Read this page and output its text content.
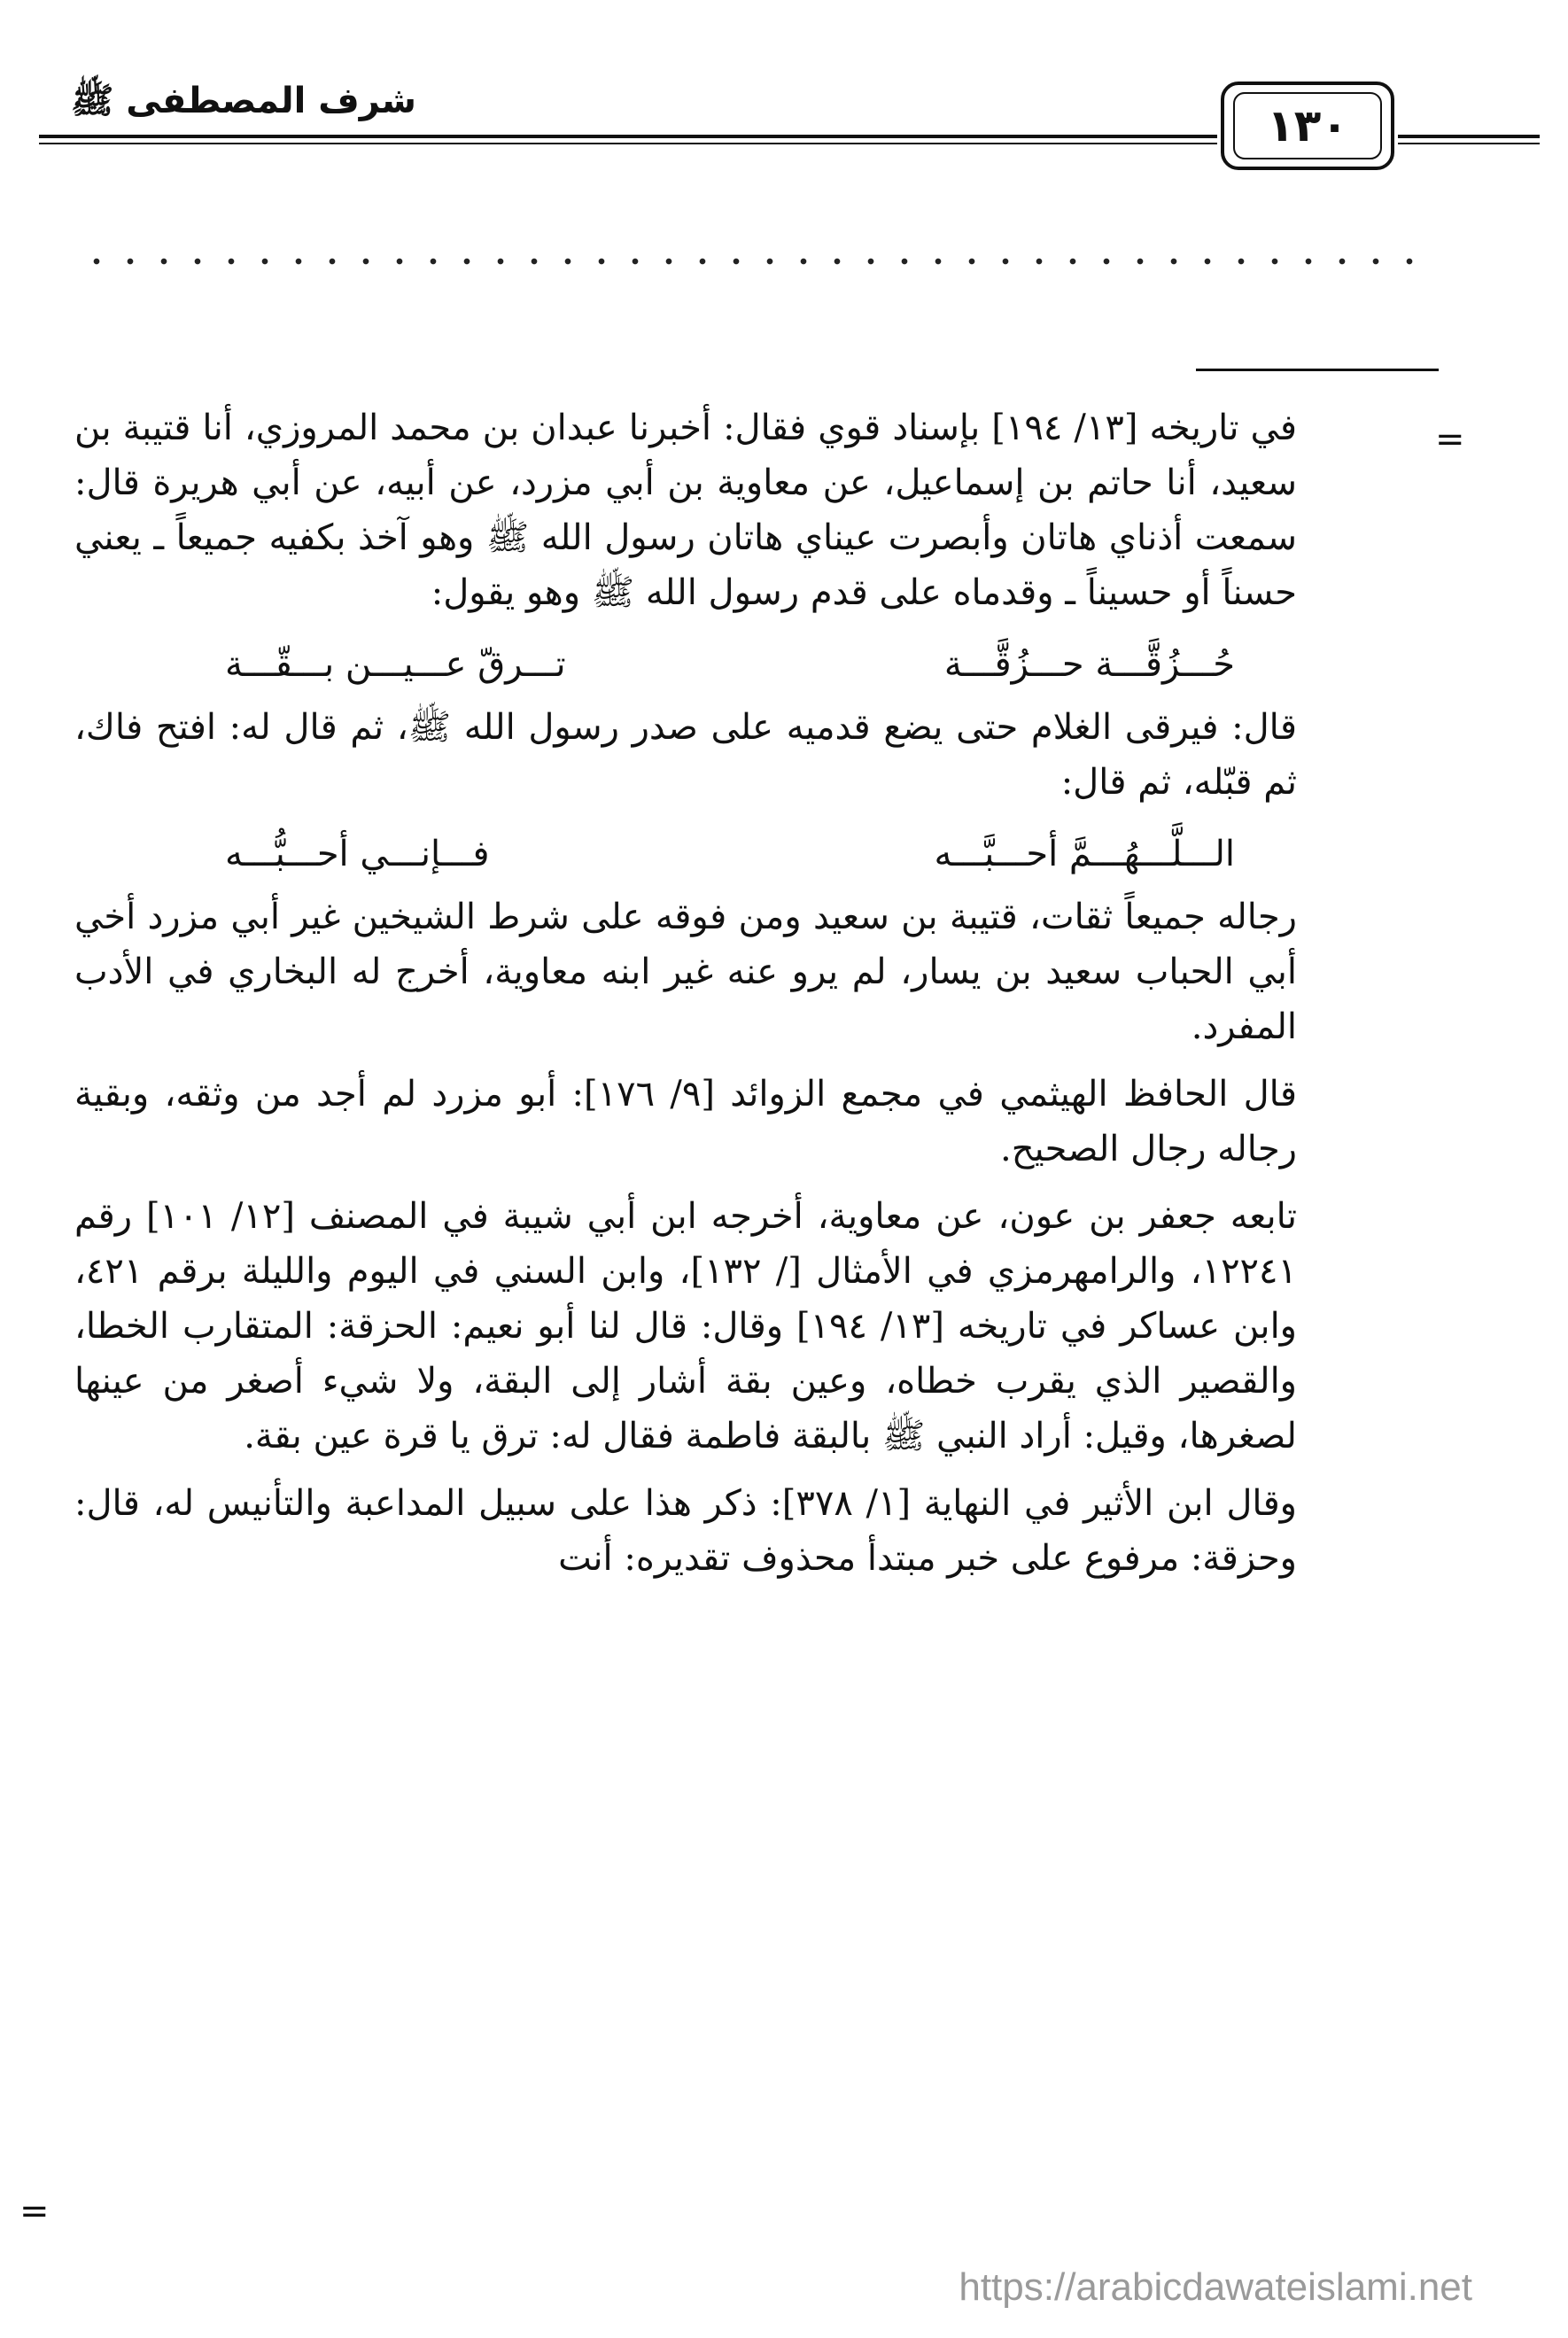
شرف المصطفى ﷺ	١٣٠
=

في تاريخه [١٣/ ١٩٤] بإسناد قوي فقال: أخبرنا عبدان بن محمد المروزي، أنا قتيبة بن سعيد، أنا حاتم بن إسماعيل، عن معاوية بن أبي مزرد، عن أبيه، عن أبي هريرة قال: سمعت أذناي هاتان وأبصرت عيناي هاتان رسول الله ﷺ وهو آخذ بكفيه جميعاً ـ يعني حسناً أو حسيناً ـ وقدماه على قدم رسول الله ﷺ وهو يقول:

حُـــزُقَّـــة حـــزُقَّـــة
تـــرقّ عـــيـــن بـــقّـــة

قال: فيرقى الغلام حتى يضع قدميه على صدر رسول الله ﷺ، ثم قال له: افتح فاك، ثم قبّله، ثم قال:

الـــلَّـــهُـــمَّ أحـــبَّـــه
فـــإنـــي أحـــبُّـــه

رجاله جميعاً ثقات، قتيبة بن سعيد ومن فوقه على شرط الشيخين غير أبي مزرد أخي أبي الحباب سعيد بن يسار، لم يرو عنه غير ابنه معاوية، أخرج له البخاري في الأدب المفرد.

قال الحافظ الهيثمي في مجمع الزوائد [٩/ ١٧٦]: أبو مزرد لم أجد من وثقه، وبقية رجاله رجال الصحيح.

تابعه جعفر بن عون، عن معاوية، أخرجه ابن أبي شيبة في المصنف [١٢/ ١٠١] رقم ١٢٢٤١، والرامهرمزي في الأمثال [/ ١٣٢]، وابن السني في اليوم والليلة برقم ٤٢١، وابن عساكر في تاريخه [١٣/ ١٩٤] وقال: قال لنا أبو نعيم: الحزقة: المتقارب الخطا، والقصير الذي يقرب خطاه، وعين بقة أشار إلى البقة، ولا شيء أصغر من عينها لصغرها، وقيل: أراد النبي ﷺ بالبقة فاطمة فقال له: ترق يا قرة عين بقة.

وقال ابن الأثير في النهاية [١/ ٣٧٨]: ذكر هذا على سبيل المداعبة والتأنيس له، قال: وحزقة: مرفوع على خبر مبتدأ محذوف تقديره: أنت

=
https://arabicdawateislami.net
